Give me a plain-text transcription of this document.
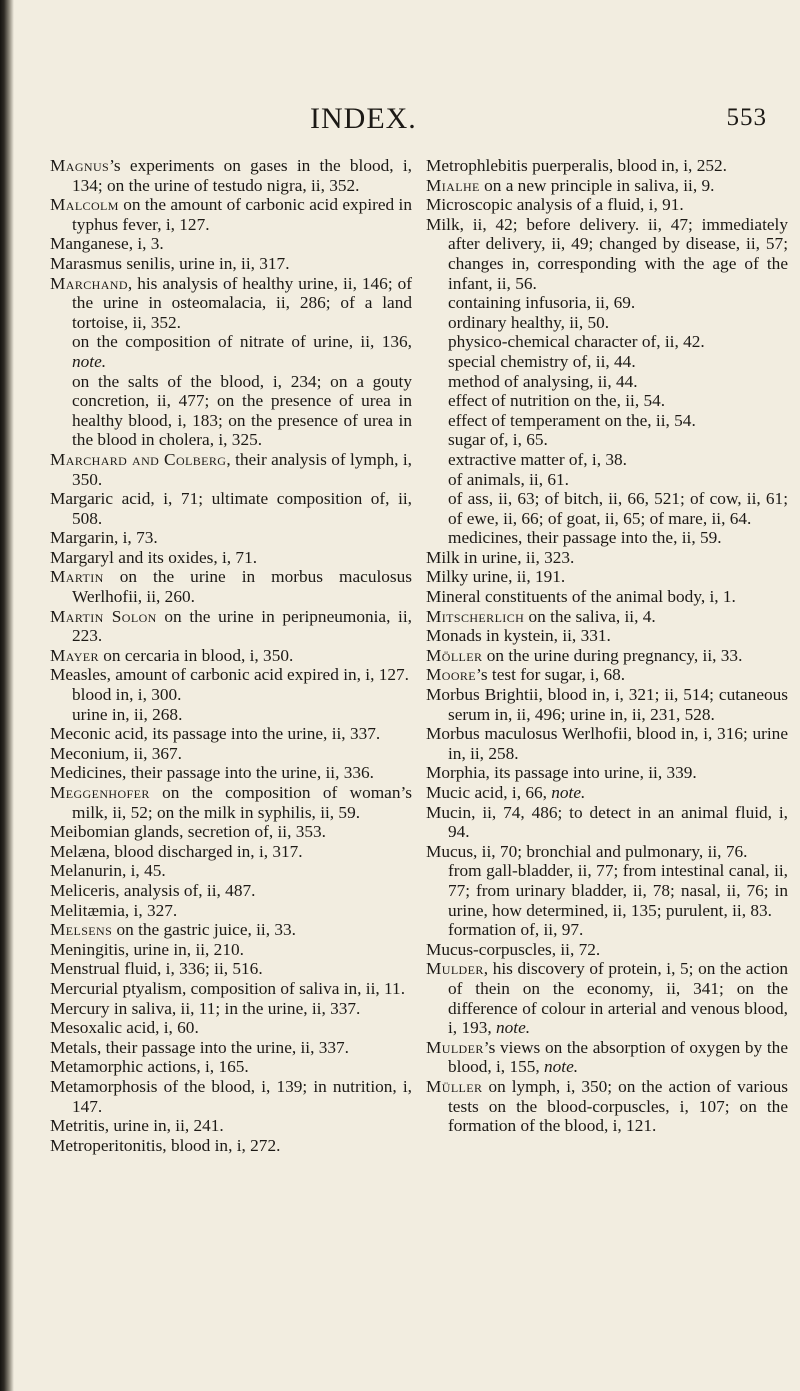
INDEX.	553
Magnus’s experiments on gases in the blood, i, 134; on the urine of testudo nigra, ii, 352.
Malcolm on the amount of carbonic acid expired in typhus fever, i, 127.
Manganese, i, 3.
Marasmus senilis, urine in, ii, 317.
Marchand, his analysis of healthy urine, ii, 146; of the urine in osteomalacia, ii, 286; of a land tortoise, ii, 352.
on the composition of nitrate of urine, ii, 136, note.
on the salts of the blood, i, 234; on a gouty concretion, ii, 477; on the presence of urea in healthy blood, i, 183; on the presence of urea in the blood in cholera, i, 325.
Marchard and Colberg, their analysis of lymph, i, 350.
Margaric acid, i, 71; ultimate composition of, ii, 508.
Margarin, i, 73.
Margaryl and its oxides, i, 71.
Martin on the urine in morbus maculosus Werlhofii, ii, 260.
Martin Solon on the urine in peripneumonia, ii, 223.
Mayer on cercaria in blood, i, 350.
Measles, amount of carbonic acid expired in, i, 127.
blood in, i, 300.
urine in, ii, 268.
Meconic acid, its passage into the urine, ii, 337.
Meconium, ii, 367.
Medicines, their passage into the urine, ii, 336.
Meggenhofer on the composition of woman’s milk, ii, 52; on the milk in syphilis, ii, 59.
Meibomian glands, secretion of, ii, 353.
Melæna, blood discharged in, i, 317.
Melanurin, i, 45.
Meliceris, analysis of, ii, 487.
Melitæmia, i, 327.
Melsens on the gastric juice, ii, 33.
Meningitis, urine in, ii, 210.
Menstrual fluid, i, 336; ii, 516.
Mercurial ptyalism, composition of saliva in, ii, 11.
Mercury in saliva, ii, 11; in the urine, ii, 337.
Mesoxalic acid, i, 60.
Metals, their passage into the urine, ii, 337.
Metamorphic actions, i, 165.
Metamorphosis of the blood, i, 139; in nutrition, i, 147.
Metritis, urine in, ii, 241.
Metroperitonitis, blood in, i, 272.
Metrophlebitis puerperalis, blood in, i, 252.
Mialhe on a new principle in saliva, ii, 9.
Microscopic analysis of a fluid, i, 91.
Milk, ii, 42; before delivery. ii, 47; immediately after delivery, ii, 49; changed by disease, ii, 57; changes in, corresponding with the age of the infant, ii, 56.
containing infusoria, ii, 69.
ordinary healthy, ii, 50.
physico-chemical character of, ii, 42.
special chemistry of, ii, 44.
method of analysing, ii, 44.
effect of nutrition on the, ii, 54.
effect of temperament on the, ii, 54.
sugar of, i, 65.
extractive matter of, i, 38.
of animals, ii, 61.
of ass, ii, 63; of bitch, ii, 66, 521; of cow, ii, 61; of ewe, ii, 66; of goat, ii, 65; of mare, ii, 64.
medicines, their passage into the, ii, 59.
Milk in urine, ii, 323.
Milky urine, ii, 191.
Mineral constituents of the animal body, i, 1.
Mitscherlich on the saliva, ii, 4.
Monads in kystein, ii, 331.
Möller on the urine during pregnancy, ii, 33.
Moore’s test for sugar, i, 68.
Morbus Brightii, blood in, i, 321; ii, 514; cutaneous serum in, ii, 496; urine in, ii, 231, 528.
Morbus maculosus Werlhofii, blood in, i, 316; urine in, ii, 258.
Morphia, its passage into urine, ii, 339.
Mucic acid, i, 66, note.
Mucin, ii, 74, 486; to detect in an animal fluid, i, 94.
Mucus, ii, 70; bronchial and pulmonary, ii, 76.
from gall-bladder, ii, 77; from intestinal canal, ii, 77; from urinary bladder, ii, 78; nasal, ii, 76; in urine, how determined, ii, 135; purulent, ii, 83.
formation of, ii, 97.
Mucus-corpuscles, ii, 72.
Mulder, his discovery of protein, i, 5; on the action of thein on the economy, ii, 341; on the difference of colour in arterial and venous blood, i, 193, note.
Mulder’s views on the absorption of oxygen by the blood, i, 155, note.
Müller on lymph, i, 350; on the action of various tests on the blood-corpuscles, i, 107; on the formation of the blood, i, 121.
